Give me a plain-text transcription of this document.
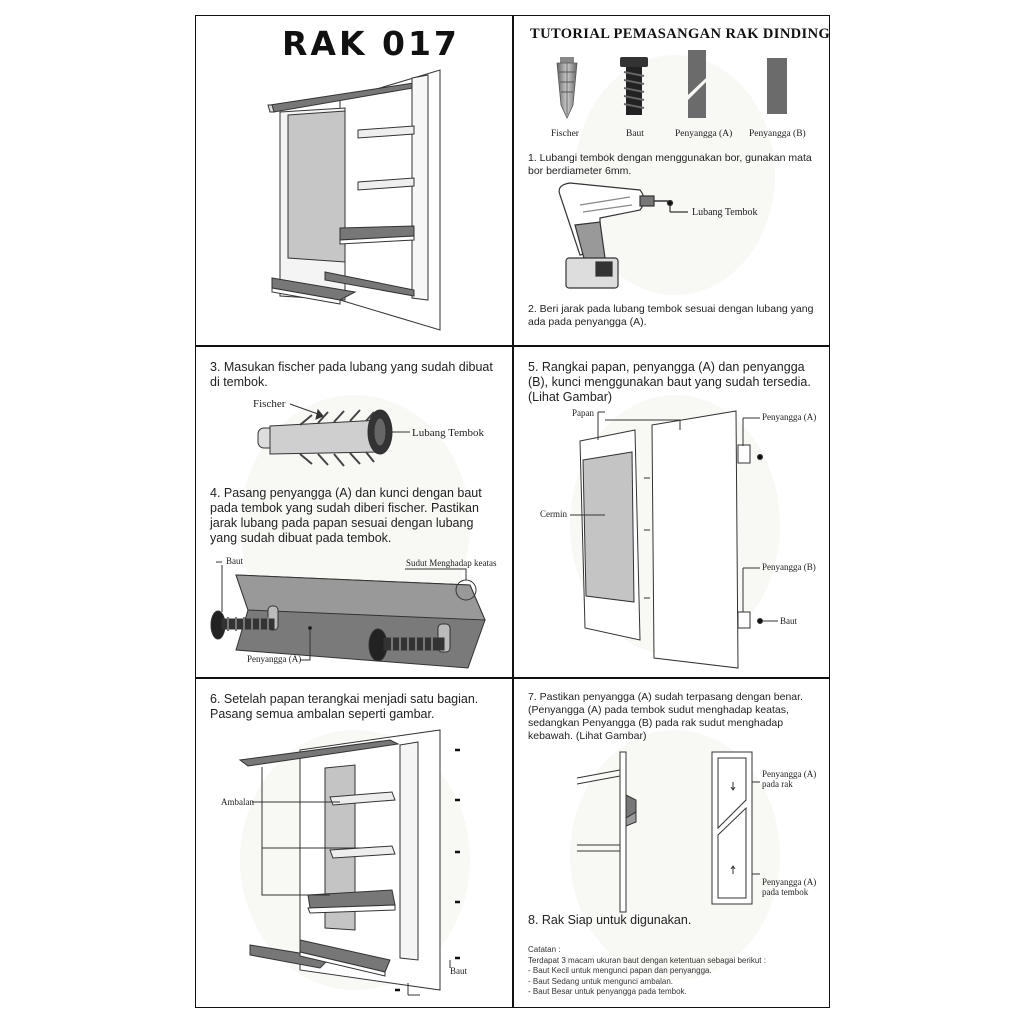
RAK 017	TUTORIAL PEMASANGAN RAK DINDING
Fischer	Baut	Penyangga (A) Penyangga (B)
1. Lubangi tembok dengan menggunakan bor, gunakan mata bor berdiameter 6mm.
Lubang Tembok
2. Beri jarak pada lubang tembok sesuai dengan lubang yang ada pada penyangga (A).
3. Masukan fischer pada lubang yang sudah dibuat di tembok.
Fischer
Lubang Tembok
4. Pasang penyangga (A) dan kunci dengan baut pada tembok yang sudah diberi fischer. Pastikan jarak lubang pada papan sesuai dengan lubang yang sudah dibuat pada tembok.
Baut	Sudut Menghadap keatas
Penyangga (A)
5. Rangkai papan, penyangga (A) dan penyangga (B), kunci menggunakan baut yang sudah tersedia. (Lihat Gambar)
Papan
Cermin
Penyangga (A)
Penyangga (B)
Baut
6. Setelah papan terangkai menjadi satu bagian. Pasang semua ambalan seperti gambar.
Ambalan
Baut
7. Pastikan penyangga (A) sudah terpasang dengan benar. (Penyangga (A) pada tembok sudut menghadap keatas, sedangkan Penyangga (B) pada rak sudut menghadap kebawah. (Lihat Gambar)
Penyangga (A)
pada rak
Penyangga (A)
pada tembok
8. Rak Siap untuk digunakan.
Catatan :
Terdapat 3 macam ukuran baut dengan ketentuan sebagai berikut :
- Baut Kecil untuk mengunci papan dan penyangga.
- Baut Sedang untuk mengunci ambalan.
- Baut Besar untuk penyangga pada tembok.
